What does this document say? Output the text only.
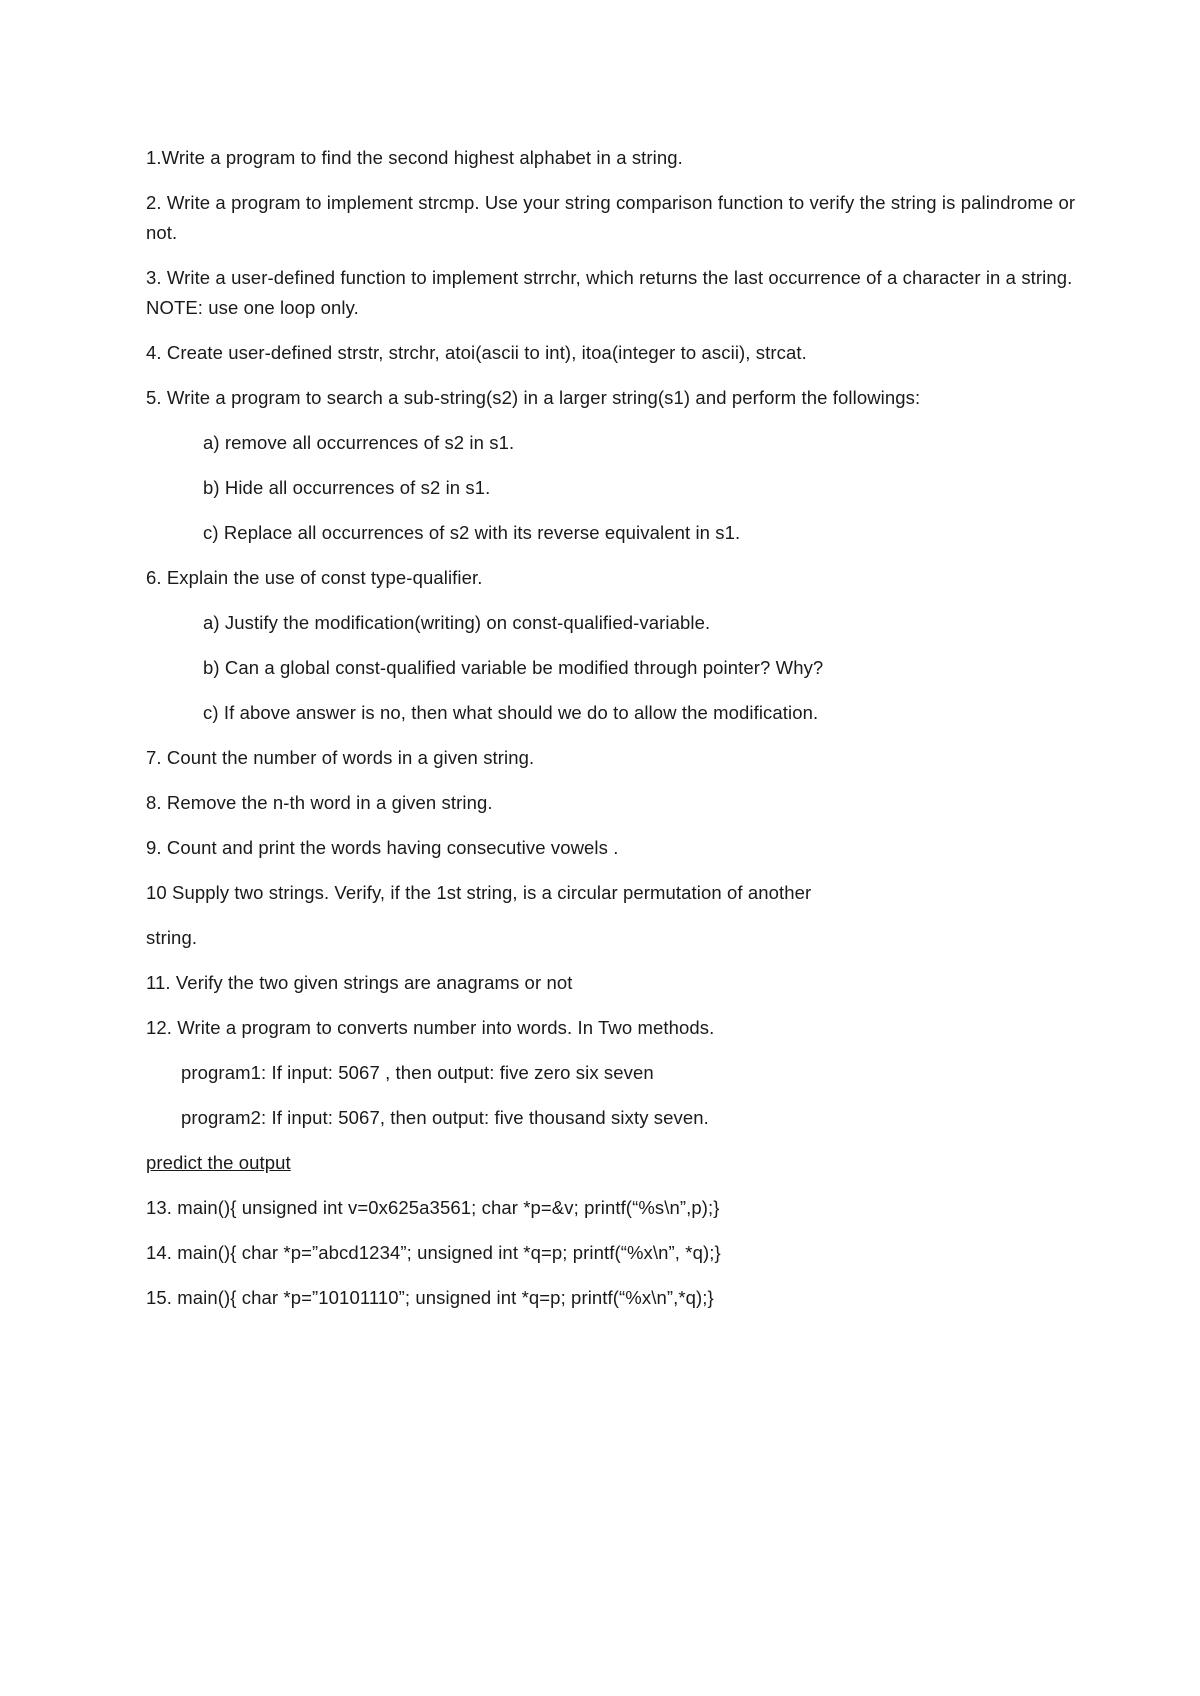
1.Write a program to find the second highest alphabet in a string.
2. Write a program to implement strcmp. Use your string comparison function to verify the string is palindrome or not.
3. Write a user-defined function to implement strrchr, which returns the last occurrence of a character in a string. NOTE: use one loop only.
4. Create user-defined strstr, strchr, atoi(ascii to int), itoa(integer to ascii), strcat.
5. Write a program to search a sub-string(s2) in a larger string(s1) and perform the followings:
a) remove all occurrences of s2 in s1.
b) Hide all occurrences of s2 in s1.
c) Replace all occurrences of s2 with its reverse equivalent in s1.
6. Explain the use of const type-qualifier.
a) Justify the modification(writing) on const-qualified-variable.
b) Can a global const-qualified variable be modified through pointer? Why?
c) If above answer is no, then what should we do to allow the modification.
7. Count the number of words in a given string.
8. Remove the n-th word in a given string.
9. Count and print the words having consecutive vowels .
10 Supply two strings. Verify, if the 1st string, is a circular permutation of another
string.
11. Verify the two given strings are anagrams or not
12. Write a program to converts number into words. In Two methods.
program1: If input: 5067 , then output: five zero six seven
program2: If input: 5067, then output: five thousand sixty seven.
predict the output
13. main(){ unsigned int v=0x625a3561; char *p=&v; printf(“%s\n”,p);}
14. main(){ char *p=”abcd1234”; unsigned int *q=p; printf(“%x\n”, *q);}
15. main(){ char *p=”10101110”; unsigned int *q=p; printf(“%x\n”,*q);}
